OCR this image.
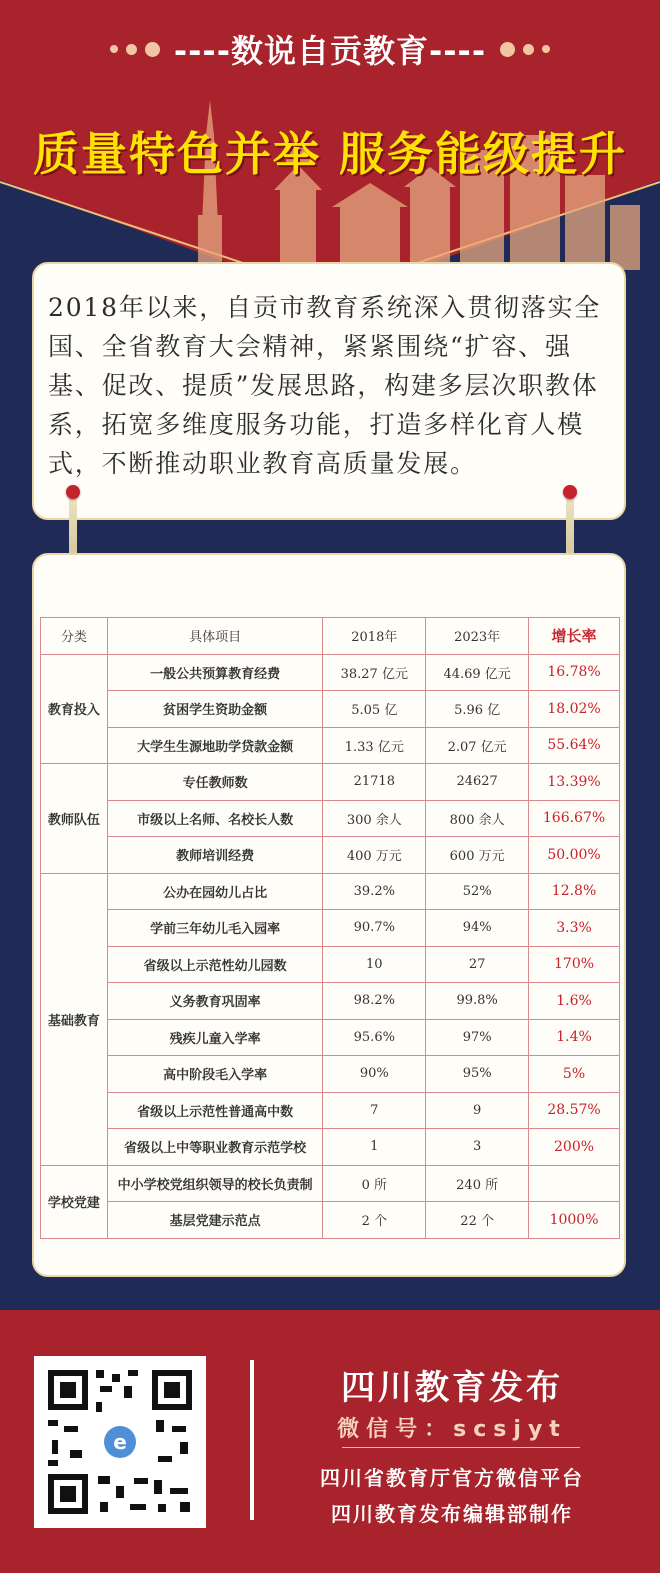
----数说自贡教育----
质量特色并举 服务能级提升

2018年以来，自贡市教育系统深入贯彻落实全国、全省教育大会精神，紧紧围绕“扩容、强基、促改、提质”发展思路，构建多层次职教体系，拓宽多维度服务功能，打造多样化育人模式，不断推动职业教育高质量发展。

分类	具体项目	2018年	2023年	增长率
教育投入	一般公共预算教育经费	38.27 亿元	44.69 亿元	16.78%
	贫困学生资助金额	5.05 亿	5.96 亿	18.02%
	大学生生源地助学贷款金额	1.33 亿元	2.07 亿元	55.64%
教师队伍	专任教师数	21718	24627	13.39%
	市级以上名师、名校长人数	300 余人	800 余人	166.67%
	教师培训经费	400 万元	600 万元	50.00%
基础教育	公办在园幼儿占比	39.2%	52%	12.8%
	学前三年幼儿毛入园率	90.7%	94%	3.3%
	省级以上示范性幼儿园数	10	27	170%
	义务教育巩固率	98.2%	99.8%	1.6%
	残疾儿童入学率	95.6%	97%	1.4%
	高中阶段毛入学率	90%	95%	5%
	省级以上示范性普通高中数	7	9	28.57%
	省级以上中等职业教育示范学校	1	3	200%
学校党建	中小学校党组织领导的校长负责制	0 所	240 所	
	基层党建示范点	2 个	22 个	1000%
e
四川教育发布
微信号：scsjyt
四川省教育厅官方微信平台
四川教育发布编辑部制作
